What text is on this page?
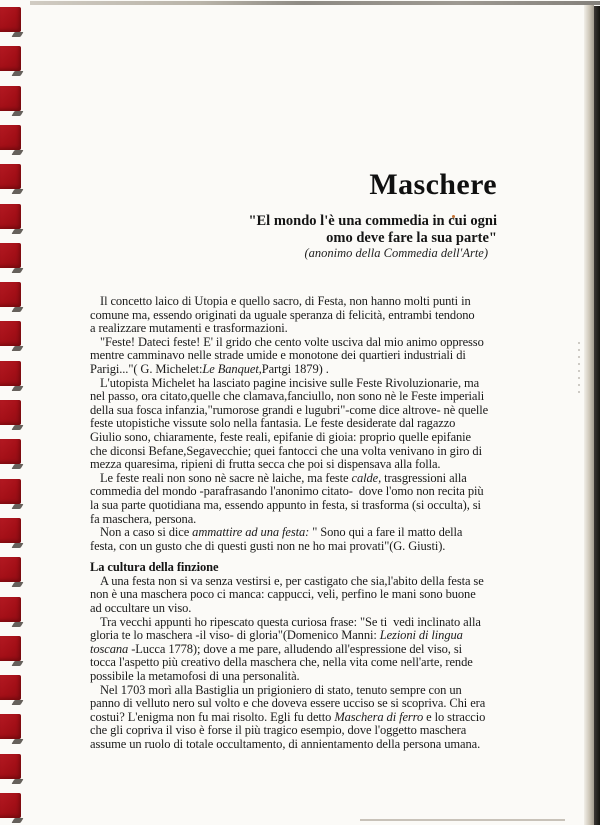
Maschere
"El mondo l'è una commedia in cui ogni
omo deve fare la sua parte"
(anonimo della Commedia dell'Arte)
Il concetto laico di Utopia e quello sacro, di Festa, non hanno molti punti in
comune ma, essendo originati da uguale speranza di felicità, entrambi tendono
a realizzare mutamenti e trasformazioni.
"Feste! Dateci feste! E' il grido che cento volte usciva dal mio animo oppresso
mentre camminavo nelle strade umide e monotone dei quartieri industriali di
Parigi..."( G. Michelet:Le Banquet,Partgi 1879) .
L'utopista Michelet ha lasciato pagine incisive sulle Feste Rivoluzionarie, ma
nel passo, ora citato,quelle che clamava,fanciullo, non sono nè le Feste imperiali
della sua fosca infanzia,"rumorose grandi e lugubri"-come dice altrove- nè quelle
feste utopistiche vissute solo nella fantasia. Le feste desiderate dal ragazzo
Giulio sono, chiaramente, feste reali, epifanie di gioia: proprio quelle epifanie
che diconsi Befane,Segavecchie; quei fantocci che una volta venivano in giro di
mezza quaresima, ripieni di frutta secca che poi si dispensava alla folla.
Le feste reali non sono nè sacre nè laiche, ma feste calde, trasgressioni alla
commedia del mondo -parafrasando l'anonimo citato-  dove l'omo non recita più
la sua parte quotidiana ma, essendo appunto in festa, si trasforma (si occulta), si
fa maschera, persona.
Non a caso si dice ammattire ad una festa: " Sono qui a fare il matto della
festa, con un gusto che di questi gusti non ne ho mai provati"(G. Giusti).
La cultura della finzione
A una festa non si va senza vestirsi e, per castigato che sia,l'abito della festa se
non è una maschera poco ci manca: cappucci, veli, perfino le mani sono buone
ad occultare un viso.
Tra vecchi appunti ho ripescato questa curiosa frase: "Se ti  vedi inclinato alla
gloria te lo maschera -il viso- di gloria"(Domenico Manni: Lezioni di lingua
toscana -Lucca 1778); dove a me pare, alludendo all'espressione del viso, si
tocca l'aspetto più creativo della maschera che, nella vita come nell'arte, rende
possibile la metamofosi di una personalità.
Nel 1703 morì alla Bastiglia un prigioniero di stato, tenuto sempre con un
panno di velluto nero sul volto e che doveva essere ucciso se si scopriva. Chi era
costui? L'enigma non fu mai risolto. Egli fu detto Maschera di ferro e lo straccio
che gli copriva il viso è forse il più tragico esempio, dove l'oggetto maschera
assume un ruolo di totale occultamento, di annientamento della persona umana.
